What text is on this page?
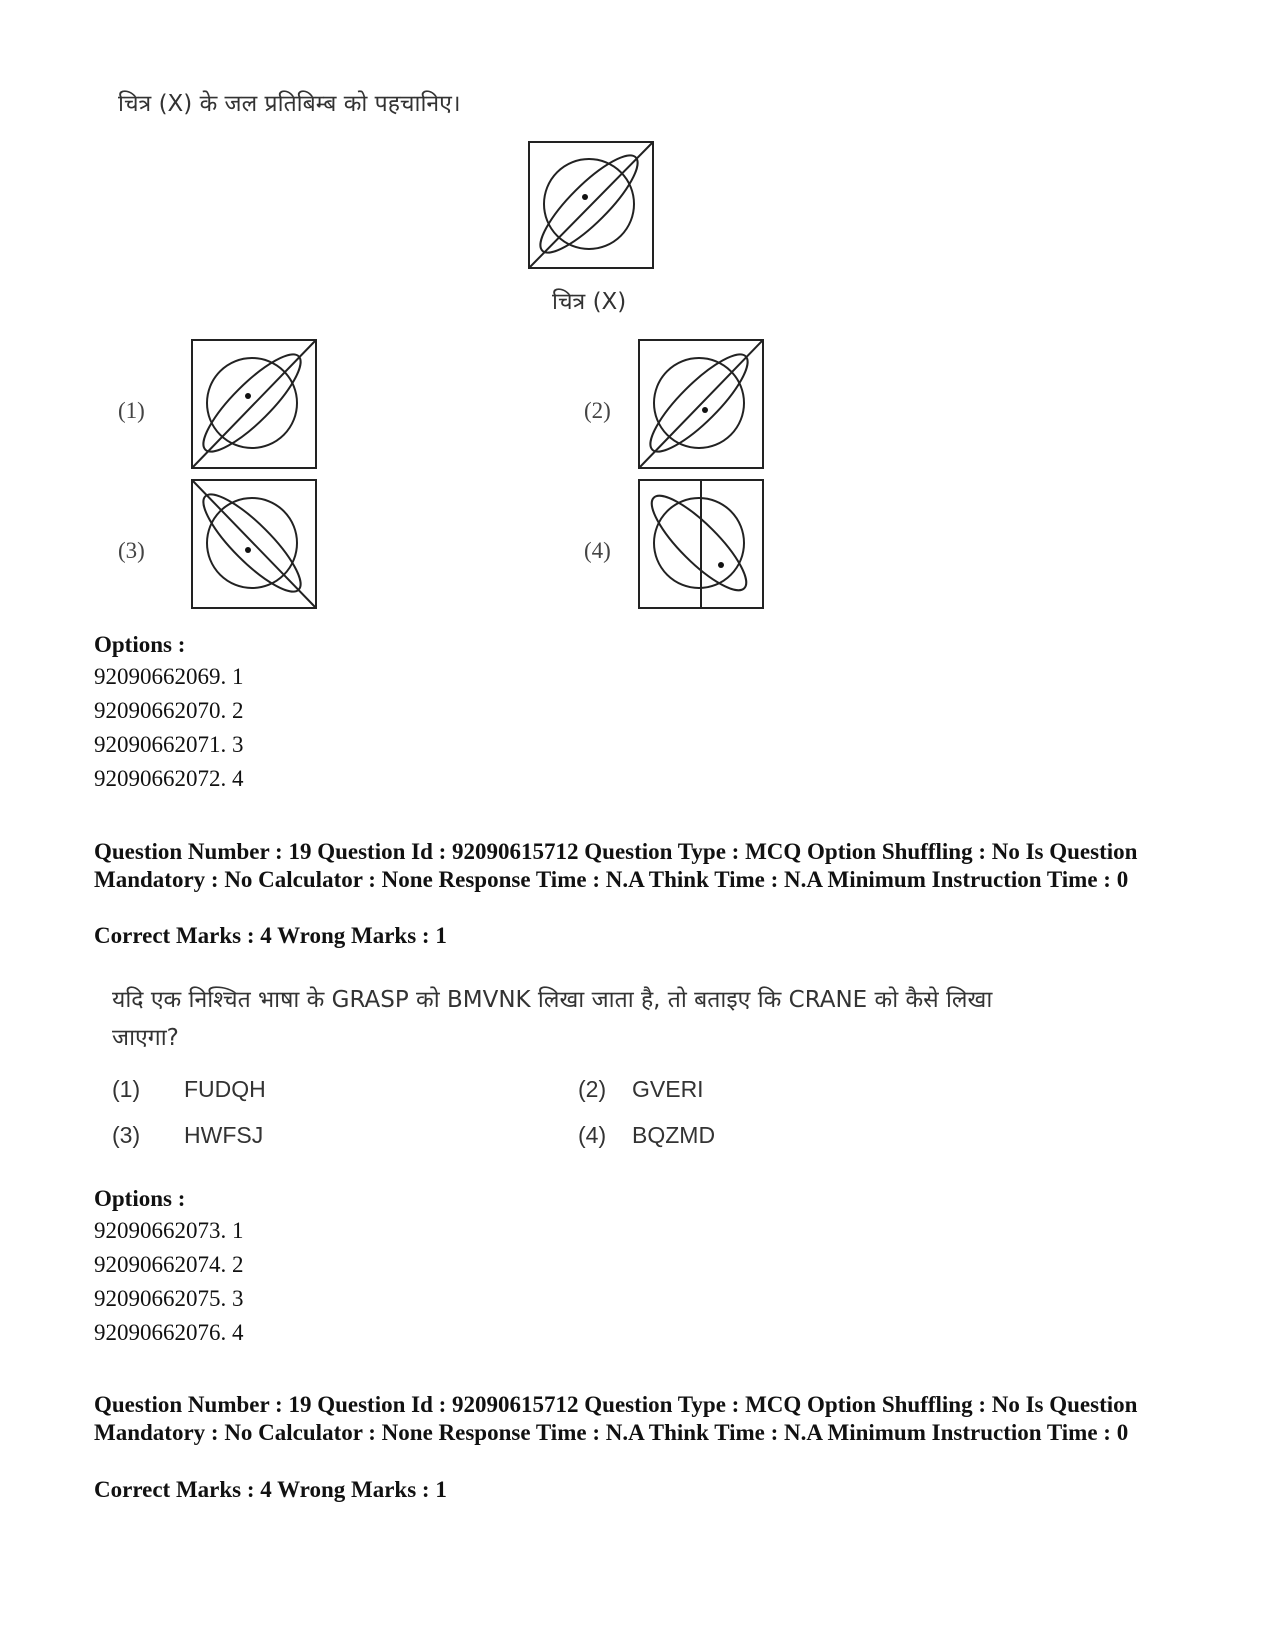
चित्र (X) के जल प्रतिबिम्ब को पहचानिए।
चित्र (X)
(1)	(2)
(3)	(4)
Options :
92090662069. 1
92090662070. 2
92090662071. 3
92090662072. 4
Question Number : 19 Question Id : 92090615712 Question Type : MCQ Option Shuffling : No Is Question Mandatory : No Calculator : None Response Time : N.A Think Time : N.A Minimum Instruction Time : 0
Correct Marks : 4 Wrong Marks : 1
यदि एक निश्चित भाषा के GRASP को BMVNK लिखा जाता है, तो बताइए कि CRANE को कैसे लिखा
जाएगा?
(1) FUDQH	(2) GVERI
(3) HWFSJ	(4) BQZMD
Options :
92090662073. 1
92090662074. 2
92090662075. 3
92090662076. 4
Question Number : 19 Question Id : 92090615712 Question Type : MCQ Option Shuffling : No Is Question Mandatory : No Calculator : None Response Time : N.A Think Time : N.A Minimum Instruction Time : 0
Correct Marks : 4 Wrong Marks : 1
